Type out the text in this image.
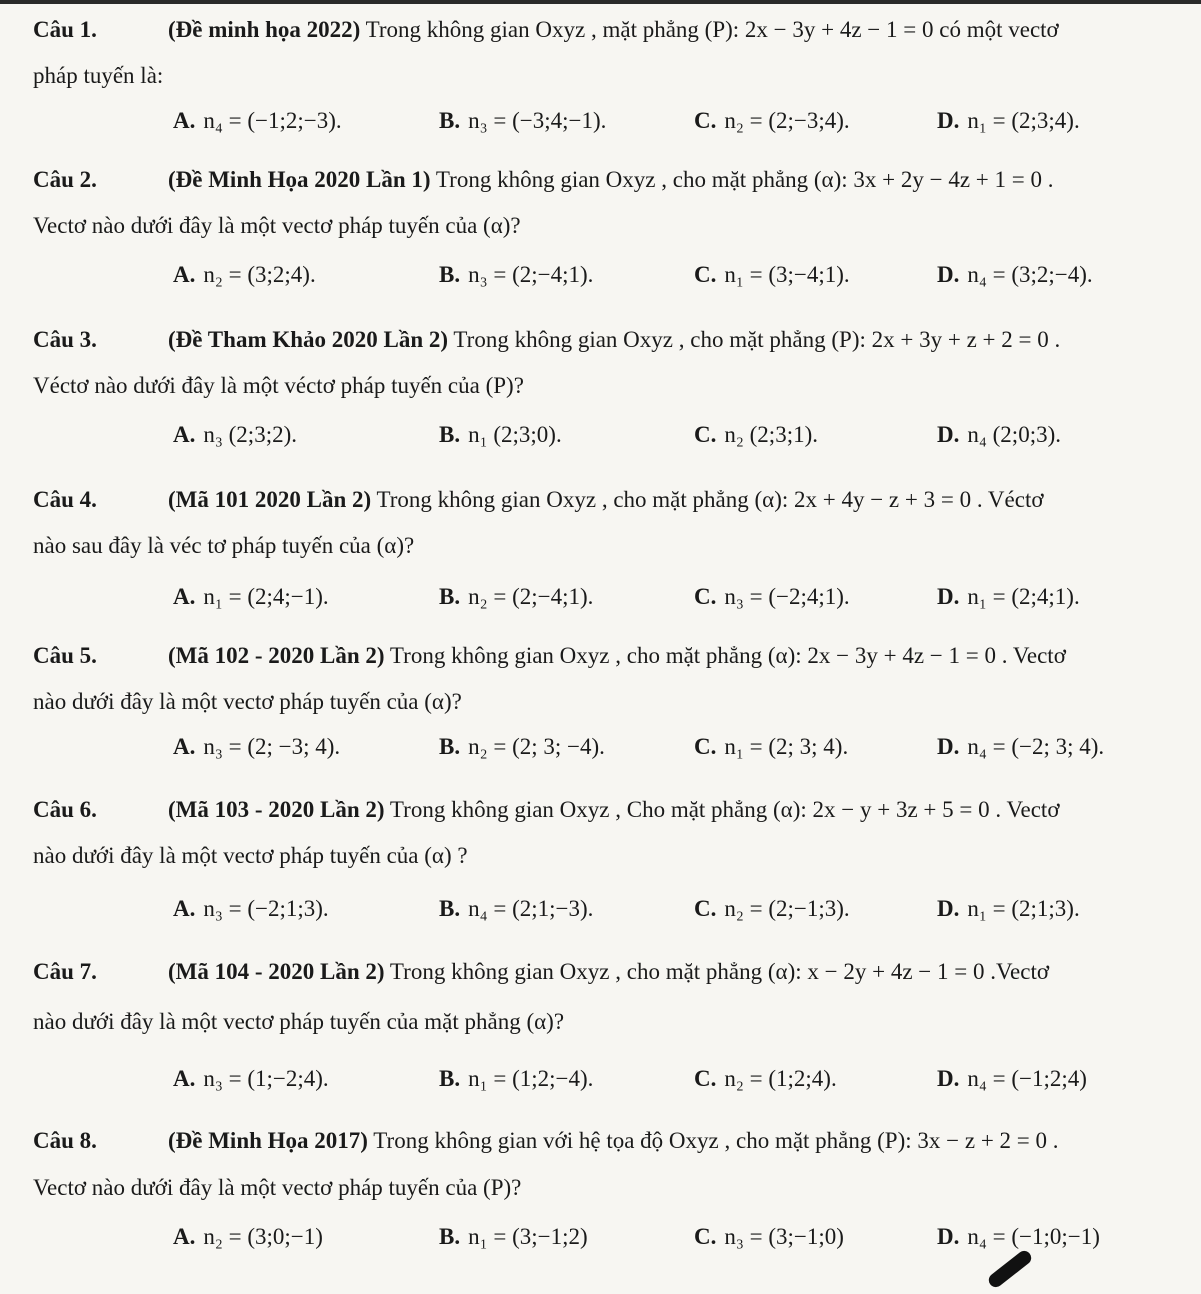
Câu 1.	(Đề minh họa 2022) Trong không gian Oxyz , mặt phẳng (P): 2x − 3y + 4z − 1 = 0 có một vectơ
pháp tuyến là:
A. n₄ = (−1;2;−3).	B. n₃ = (−3;4;−1).	C. n₂ = (2;−3;4).	D. n₁ = (2;3;4).
Câu 2.	(Đề Minh Họa 2020 Lần 1) Trong không gian Oxyz , cho mặt phẳng (α): 3x + 2y − 4z + 1 = 0 .
Vectơ nào dưới đây là một vectơ pháp tuyến của (α)?
A. n₂ = (3;2;4).	B. n₃ = (2;−4;1).	C. n₁ = (3;−4;1).	D. n₄ = (3;2;−4).
Câu 3.	(Đề Tham Khảo 2020 Lần 2) Trong không gian Oxyz , cho mặt phẳng (P): 2x + 3y + z + 2 = 0 .
Véctơ nào dưới đây là một véctơ pháp tuyến của (P)?
A. n₃ (2;3;2).	B. n₁ (2;3;0).	C. n₂ (2;3;1).	D. n₄ (2;0;3).
Câu 4.	(Mã 101 2020 Lần 2) Trong không gian Oxyz , cho mặt phẳng (α): 2x + 4y − z + 3 = 0 . Véctơ
nào sau đây là véc tơ pháp tuyến của (α)?
A. n₁ = (2;4;−1).	B. n₂ = (2;−4;1).	C. n₃ = (−2;4;1).	D. n₁ = (2;4;1).
Câu 5.	(Mã 102 - 2020 Lần 2) Trong không gian Oxyz , cho mặt phẳng (α): 2x − 3y + 4z − 1 = 0 . Vectơ
nào dưới đây là một vectơ pháp tuyến của (α)?
A. n₃ = (2; −3; 4).	B. n₂ = (2; 3; −4).	C. n₁ = (2; 3; 4).	D. n₄ = (−2; 3; 4).
Câu 6.	(Mã 103 - 2020 Lần 2) Trong không gian Oxyz , Cho mặt phẳng (α): 2x − y + 3z + 5 = 0 . Vectơ
nào dưới đây là một vectơ pháp tuyến của (α) ?
A. n₃ = (−2;1;3).	B. n₄ = (2;1;−3).	C. n₂ = (2;−1;3).	D. n₁ = (2;1;3).
Câu 7.	(Mã 104 - 2020 Lần 2) Trong không gian Oxyz , cho mặt phẳng (α): x − 2y + 4z − 1 = 0 .Vectơ
nào dưới đây là một vectơ pháp tuyến của mặt phẳng (α)?
A. n₃ = (1;−2;4).	B. n₁ = (1;2;−4).	C. n₂ = (1;2;4).	D. n₄ = (−1;2;4)
Câu 8.	(Đề Minh Họa 2017) Trong không gian với hệ tọa độ Oxyz , cho mặt phẳng (P): 3x − z + 2 = 0 .
Vectơ nào dưới đây là một vectơ pháp tuyến của (P)?
A. n₂ = (3;0;−1)	B. n₁ = (3;−1;2)	C. n₃ = (3;−1;0)	D. n₄ = (−1;0;−1)
